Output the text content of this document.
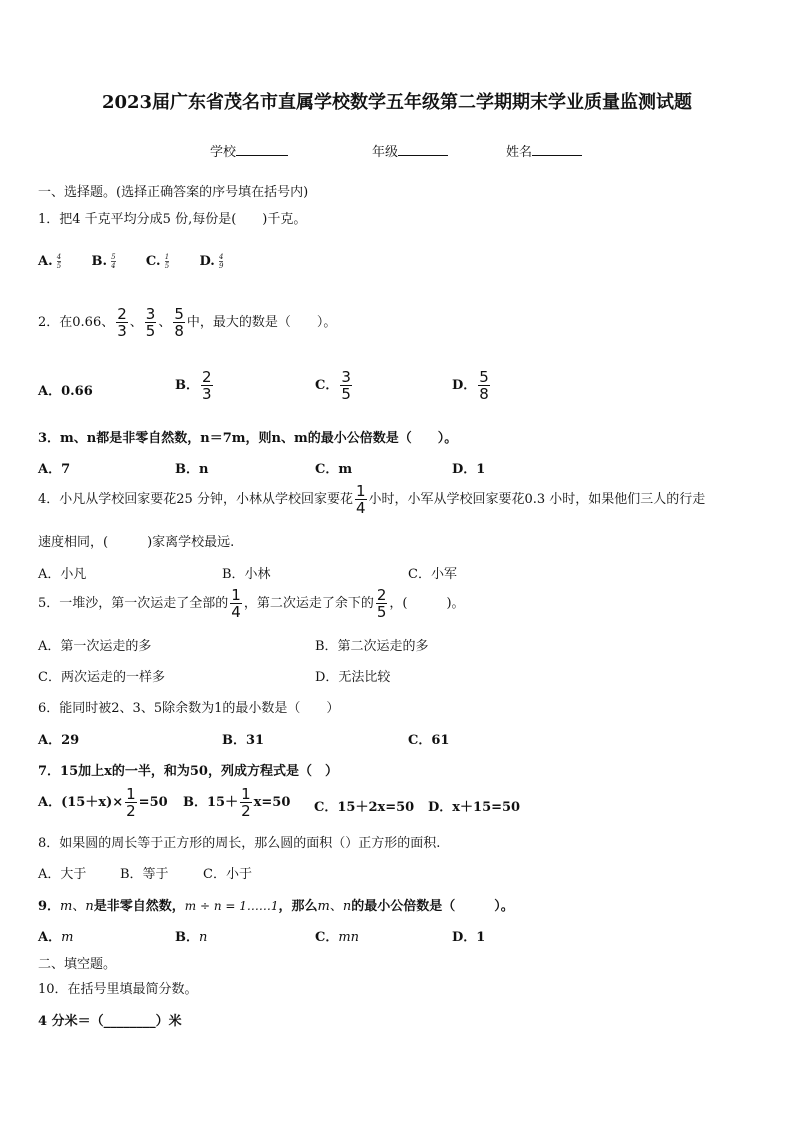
2023届广东省茂名市直属学校数学五年级第二学期期末学业质量监测试题
学校	年级	姓名
一、选择题。(选择正确答案的序号填在括号内)
1．把4 千克平均分成5 份,每份是(　　)千克。
A. $\frac{4}{5} B$. $\frac{5}{4} C$. $\frac{1}{5} D$. $\frac{4}{9}$
2．在0.66、 $\frac{2}{3}$ 、 $\frac{3}{5}$ 、 $\frac{5}{8}$ 中，最大的数是（　　）。
A．0.66	B． $\frac{2}{3}$	C． $\frac{3}{5}$	D． $\frac{5}{8}$
3．m、n都是非零自然数，n＝7m，则n、m的最小公倍数是（　　）。
A．7	B．n	C．m	D．1
4．小凡从学校回家要花25 分钟，小林从学校回家要花 $\frac{1}{4}$ 小时，小军从学校回家要花0.3 小时，如果他们三人的行走
速度相同，(　　　)家离学校最远.
A．小凡	B．小林	C．小军
5．一堆沙，第一次运走了全部的 $\frac{1}{4}$ ，第二次运走了余下的 $\frac{2}{5}$ ，(　　　)。
A．第一次运走的多	B．第二次运走的多
C．两次运走的一样多	D．无法比较
6．能同时被2、3、5除余数为1的最小数是（　　）
A．29	B．31	C．61
7．15加上x的一半，和为50，列成方程式是（　）
A．$(15+x)\times \frac{1}{2} =50$ B．$15+ \frac{1}{2} x=50$ C．15＋2x=50 D．x＋15=50
8．如果圆的周长等于正方形的周长，那么圆的面积（）正方形的面积.
A．大于	B．等于	C．小于
9．m、n是非零自然数，m ÷ n = 1……1，那么m、n的最小公倍数是（　　　）。
A．m	B．n	C．mn	D．1
二、填空题。
10．在括号里填最简分数。
4 分米＝（________）米
